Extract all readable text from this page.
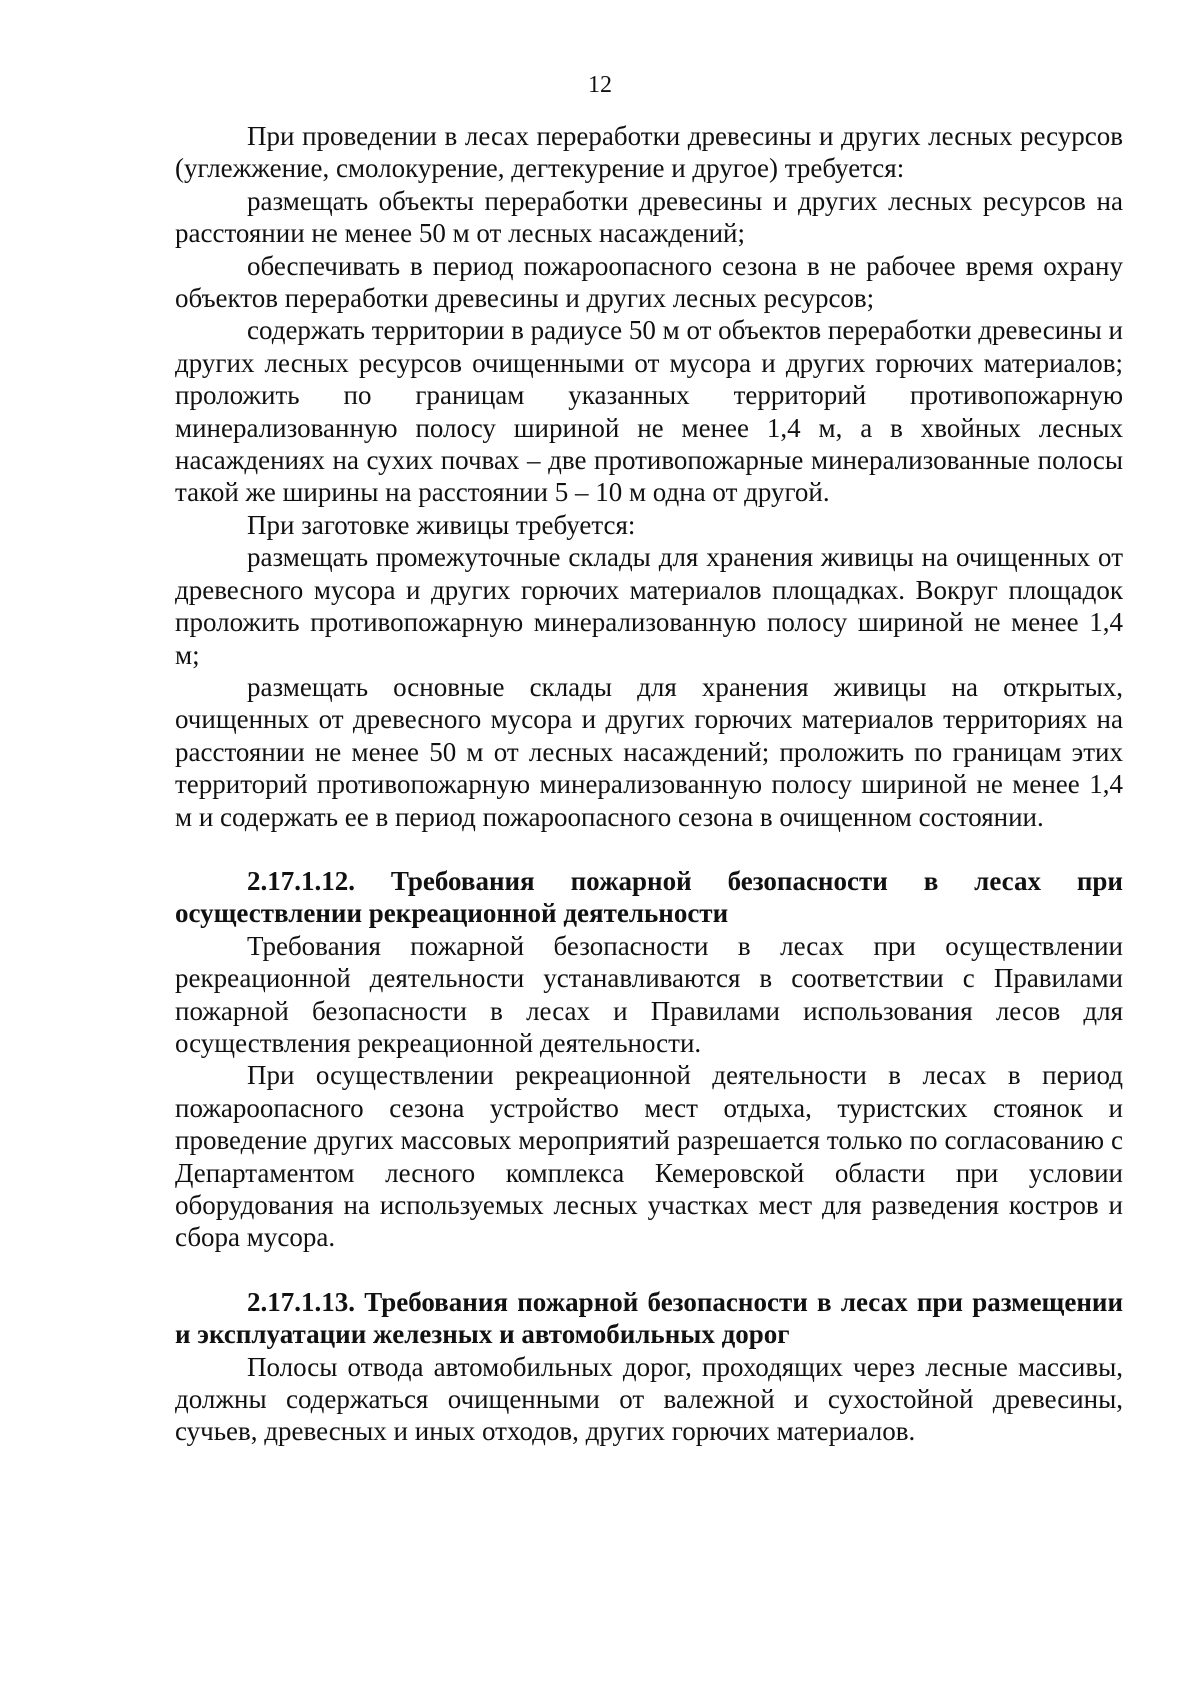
12

При проведении в лесах переработки древесины и других лесных ресурсов (углежжение, смолокурение, дегтекурение и другое) требуется:

размещать объекты переработки древесины и других лесных ресурсов на расстоянии не менее 50 м от лесных насаждений;

обеспечивать в период пожароопасного сезона в не рабочее время охрану объектов переработки древесины и других лесных ресурсов;

содержать территории в радиусе 50 м от объектов переработки древесины и других лесных ресурсов очищенными от мусора и других горючих материалов; проложить по границам указанных территорий противопожарную минерализованную полосу шириной не менее 1,4 м, а в хвойных лесных насаждениях на сухих почвах – две противопожарные минерализованные полосы такой же ширины на расстоянии 5 – 10 м одна от другой.

При заготовке живицы требуется:

размещать промежуточные склады для хранения живицы на очищенных от древесного мусора и других горючих материалов площадках. Вокруг площадок проложить противопожарную минерализованную полосу шириной не менее 1,4 м;

размещать основные склады для хранения живицы на открытых, очищенных от древесного мусора и других горючих материалов территориях на расстоянии не менее 50 м от лесных насаждений; проложить по границам этих территорий противопожарную минерализованную полосу шириной не менее 1,4 м и содержать ее в период пожароопасного сезона в очищенном состоянии.

2.17.1.12. Требования пожарной безопасности в лесах при осуществлении рекреационной деятельности

Требования пожарной безопасности в лесах при осуществлении рекреационной деятельности устанавливаются в соответствии с Правилами пожарной безопасности в лесах и Правилами использования лесов для осуществления рекреационной деятельности.

При осуществлении рекреационной деятельности в лесах в период пожароопасного сезона устройство мест отдыха, туристских стоянок и проведение других массовых мероприятий разрешается только по согласованию с Департаментом лесного комплекса Кемеровской области при условии оборудования на используемых лесных участках мест для разведения костров и сбора мусора.

2.17.1.13. Требования пожарной безопасности в лесах при размещении и эксплуатации железных и автомобильных дорог

Полосы отвода автомобильных дорог, проходящих через лесные массивы, должны содержаться очищенными от валежной и сухостойной древесины, сучьев, древесных и иных отходов, других горючих материалов.
